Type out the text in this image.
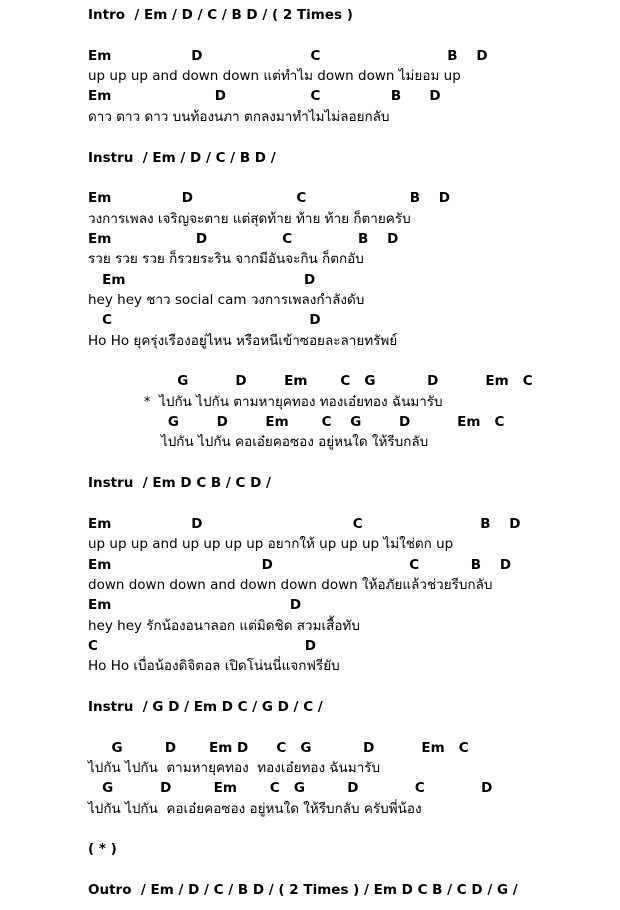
Intro  / Em / D / C / B D / ( 2 Times )
Em                 D                       C                           B    D
up up up and down down แต่ทำไม down down ไม่ยอม up
Em                      D                  C               B      D
ดาว ดาว ดาว บนท้องนภา ตกลงมาทำไมไม่ลอยกลับ
Instru  / Em / D / C / B D /
Em               D                      C                      B    D
วงการเพลง เจริญจะตาย แต่สุดท้าย ท้าย ท้าย ก็ตายครับ
Em                  D                C              B    D
รวย รวย รวย ก็รวยระริน จากมีอันจะกิน ก็ตกอับ
Em                                      D
hey hey ชาว social cam วงการเพลงกำลังดับ
C                                          D
Ho Ho ยุครุ่งเรืองอยู่ไหน หรือหนีเข้าซอยละลายทรัพย์
G          D        Em       C   G           D          Em   C
*  ไปกัน ไปกัน ตามหายุคทอง ทองเอ๋ยทอง ฉันมารับ
G        D        Em       C    G        D          Em   C
ไปกัน ไปกัน คอเอ๋ยคอซอง อยู่หนใด ให้รีบกลับ
Instru  / Em D C B / C D /
Em                 D                                C                         B    D
up up up and up up up up อยากให้ up up up ไม่ใช่ตก up
Em                                D                             C           B    D
down down down and down down down ให้อภัยแล้วช่วยรีบกลับ
Em                                      D
hey hey รักน้องอนาลอก แต่มิดชิด สวมเสื้อทับ
C                                            D
Ho Ho เบื่อน้องดิจิตอล เปิดโน่นนี่แจกฟรียับ
Instru  / G D / Em D C / G D / C /
G         D       Em D      C   G           D          Em   C
ไปกัน ไปกัน  ตามหายุคทอง  ทองเอ๋ยทอง ฉันมารับ
G          D         Em       C   G         D            C            D
ไปกัน ไปกัน  คอเอ๋ยคอซอง อยู่หนใด ให้รีบกลับ ครับพี่น้อง
( * )
Outro  / Em / D / C / B D / ( 2 Times ) / Em D C B / C D / G /
